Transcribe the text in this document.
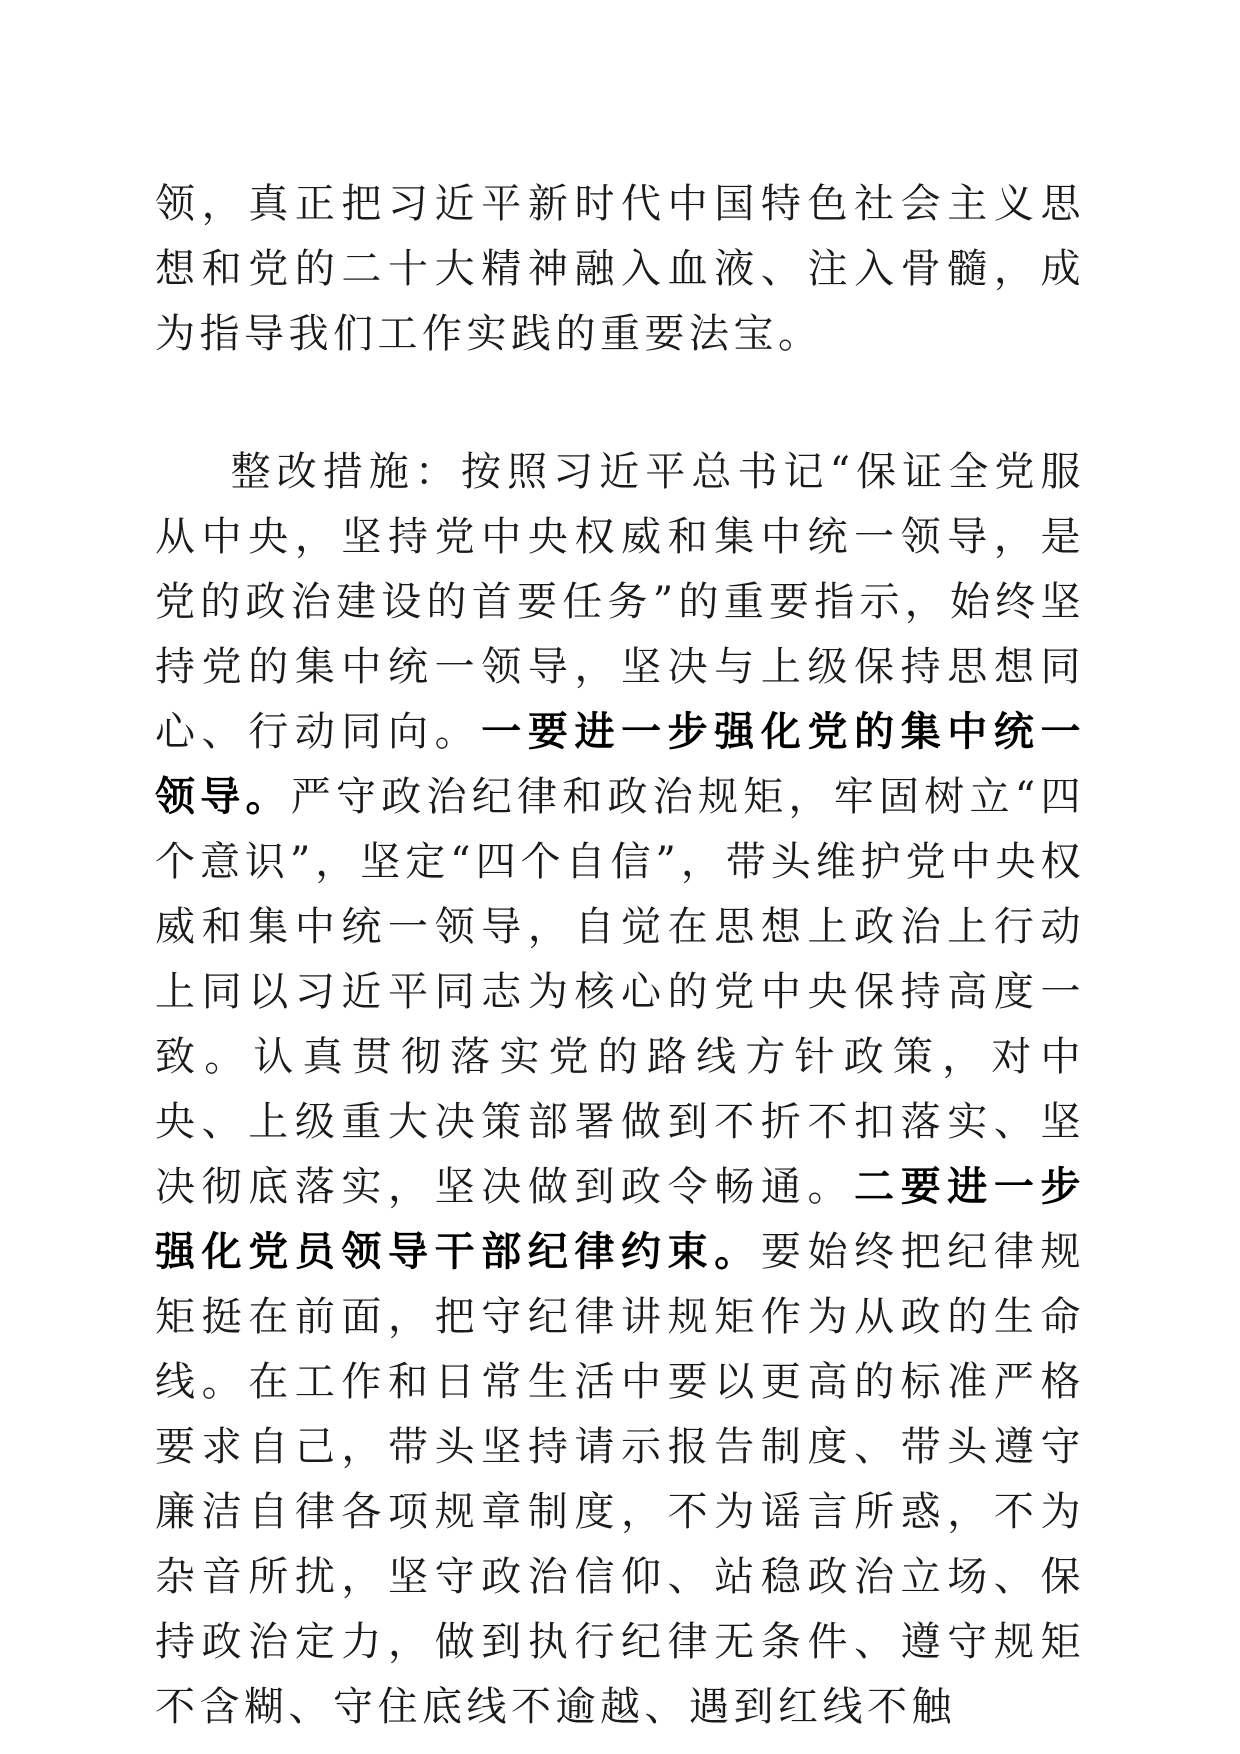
领，真正把习近平新时代中国特色社会主义思想和党的二十大精神融入血液、注入骨髓，成为指导我们工作实践的重要法宝。
整改措施：按照习近平总书记“保证全党服从中央，坚持党中央权威和集中统一领导，是党的政治建设的首要任务”的重要指示，始终坚持党的集中统一领导，坚决与上级保持思想同心、行动同向。一要进一步强化党的集中统一领导。严守政治纪律和政治规矩，牢固树立“四个意识”，坚定“四个自信”，带头维护党中央权威和集中统一领导，自觉在思想上政治上行动上同以习近平同志为核心的党中央保持高度一致。认真贯彻落实党的路线方针政策，对中央、上级重大决策部署做到不折不扣落实、坚决彻底落实，坚决做到政令畅通。二要进一步强化党员领导干部纪律约束。要始终把纪律规矩挺在前面，把守纪律讲规矩作为从政的生命线。在工作和日常生活中要以更高的标准严格要求自己，带头坚持请示报告制度、带头遵守廉洁自律各项规章制度，不为谣言所惑，不为杂音所扰，坚守政治信仰、站稳政治立场、保持政治定力，做到执行纪律无条件、遵守规矩不含糊、守住底线不逾越、遇到红线不触
